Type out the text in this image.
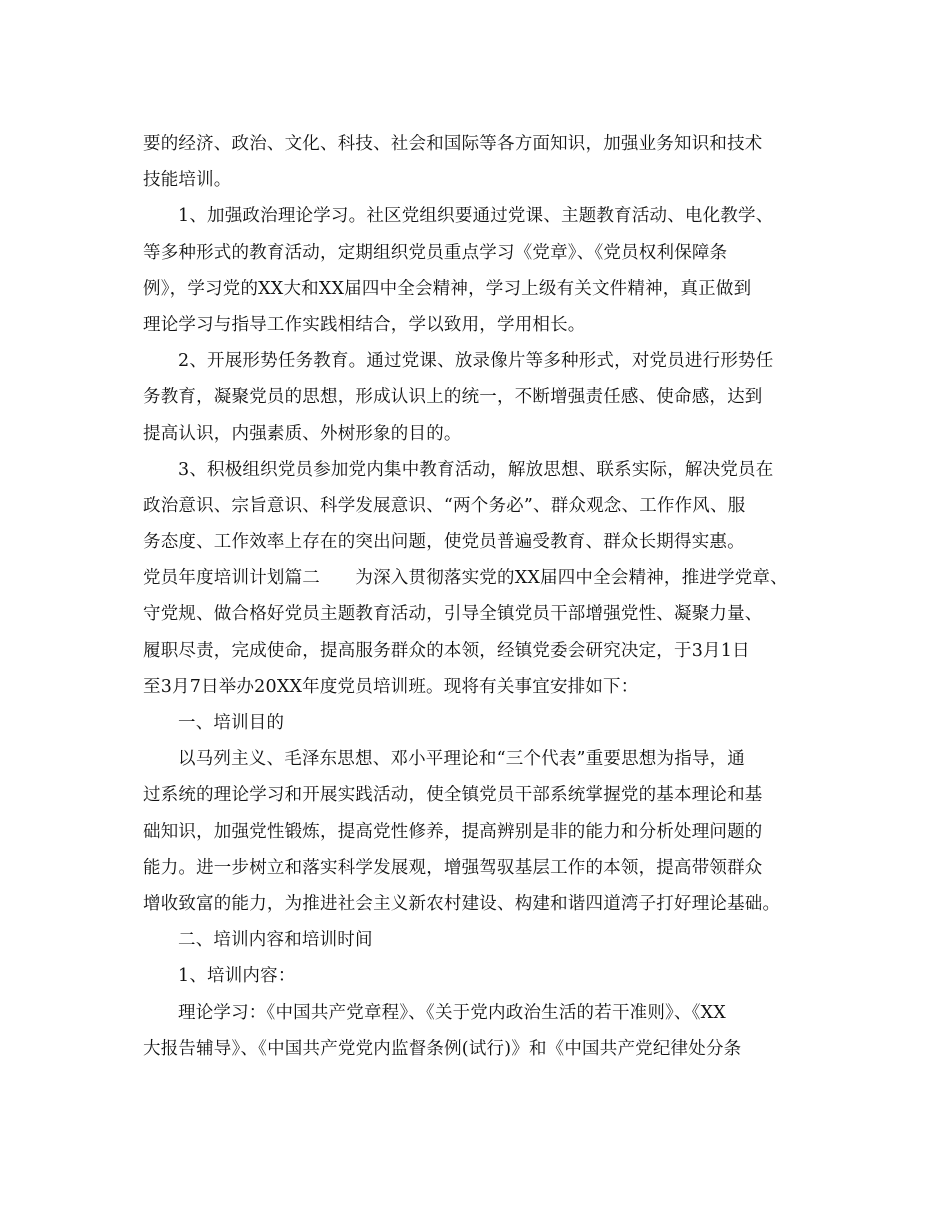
要的经济、政治、文化、科技、社会和国际等各方面知识，加强业务知识和技术
技能培训。
1、加强政治理论学习。社区党组织要通过党课、主题教育活动、电化教学、
等多种形式的教育活动，定期组织党员重点学习《党章》、《党员权利保障条
例》，学习党的XX大和XX届四中全会精神，学习上级有关文件精神，真正做到
理论学习与指导工作实践相结合，学以致用，学用相长。
2、开展形势任务教育。通过党课、放录像片等多种形式，对党员进行形势任
务教育，凝聚党员的思想，形成认识上的统一，不断增强责任感、使命感，达到
提高认识，内强素质、外树形象的目的。
3、积极组织党员参加党内集中教育活动，解放思想、联系实际，解决党员在
政治意识、宗旨意识、科学发展意识、“两个务必”、群众观念、工作作风、服
务态度、工作效率上存在的突出问题，使党员普遍受教育、群众长期得实惠。
党员年度培训计划篇二　　为深入贯彻落实党的XX届四中全会精神，推进学党章、
守党规、做合格好党员主题教育活动，引导全镇党员干部增强党性、凝聚力量、
履职尽责，完成使命，提高服务群众的本领，经镇党委会研究决定，于3月1日
至3月7日举办20XX年度党员培训班。现将有关事宜安排如下：
一、培训目的
以马列主义、毛泽东思想、邓小平理论和“三个代表”重要思想为指导，通
过系统的理论学习和开展实践活动，使全镇党员干部系统掌握党的基本理论和基
础知识，加强党性锻炼，提高党性修养，提高辨别是非的能力和分析处理问题的
能力。进一步树立和落实科学发展观，增强驾驭基层工作的本领，提高带领群众
增收致富的能力，为推进社会主义新农村建设、构建和谐四道湾子打好理论基础。
二、培训内容和培训时间
1、培训内容：
理论学习：《中国共产党章程》、《关于党内政治生活的若干准则》、《XX
大报告辅导》、《中国共产党党内监督条例(试行)》和《中国共产党纪律处分条
